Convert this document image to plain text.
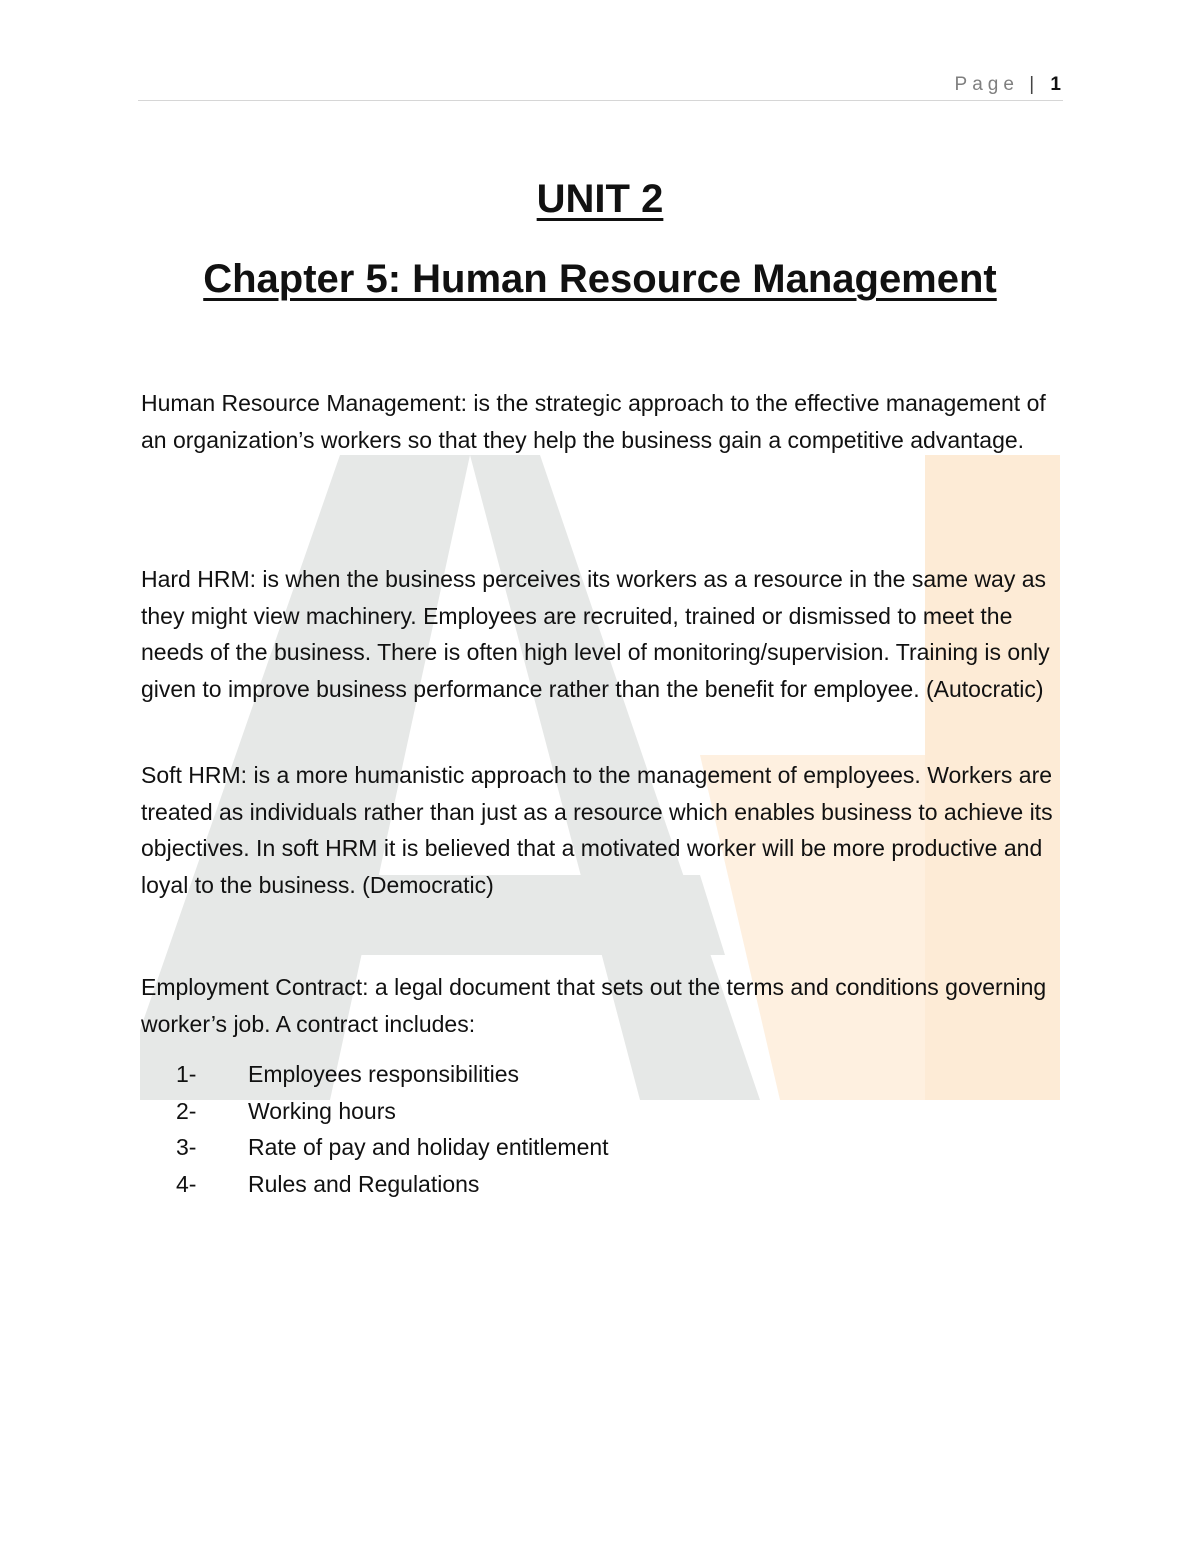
Page | 1
UNIT 2
Chapter 5: Human Resource Management

Human Resource Management: is the strategic approach to the effective management of an organization’s workers so that they help the business gain a competitive advantage.

Hard HRM: is when the business perceives its workers as a resource in the same way as they might view machinery. Employees are recruited, trained or dismissed to meet the needs of the business. There is often high level of monitoring/supervision. Training is only given to improve business performance rather than the benefit for employee. (Autocratic)

Soft HRM: is a more humanistic approach to the management of employees. Workers are treated as individuals rather than just as a resource which enables business to achieve its objectives. In soft HRM it is believed that a motivated worker will be more productive and loyal to the business. (Democratic)

Employment Contract: a legal document that sets out the terms and conditions governing worker’s job. A contract includes:

1-	Employees responsibilities
2-	Working hours
3-	Rate of pay and holiday entitlement
4-	Rules and Regulations
